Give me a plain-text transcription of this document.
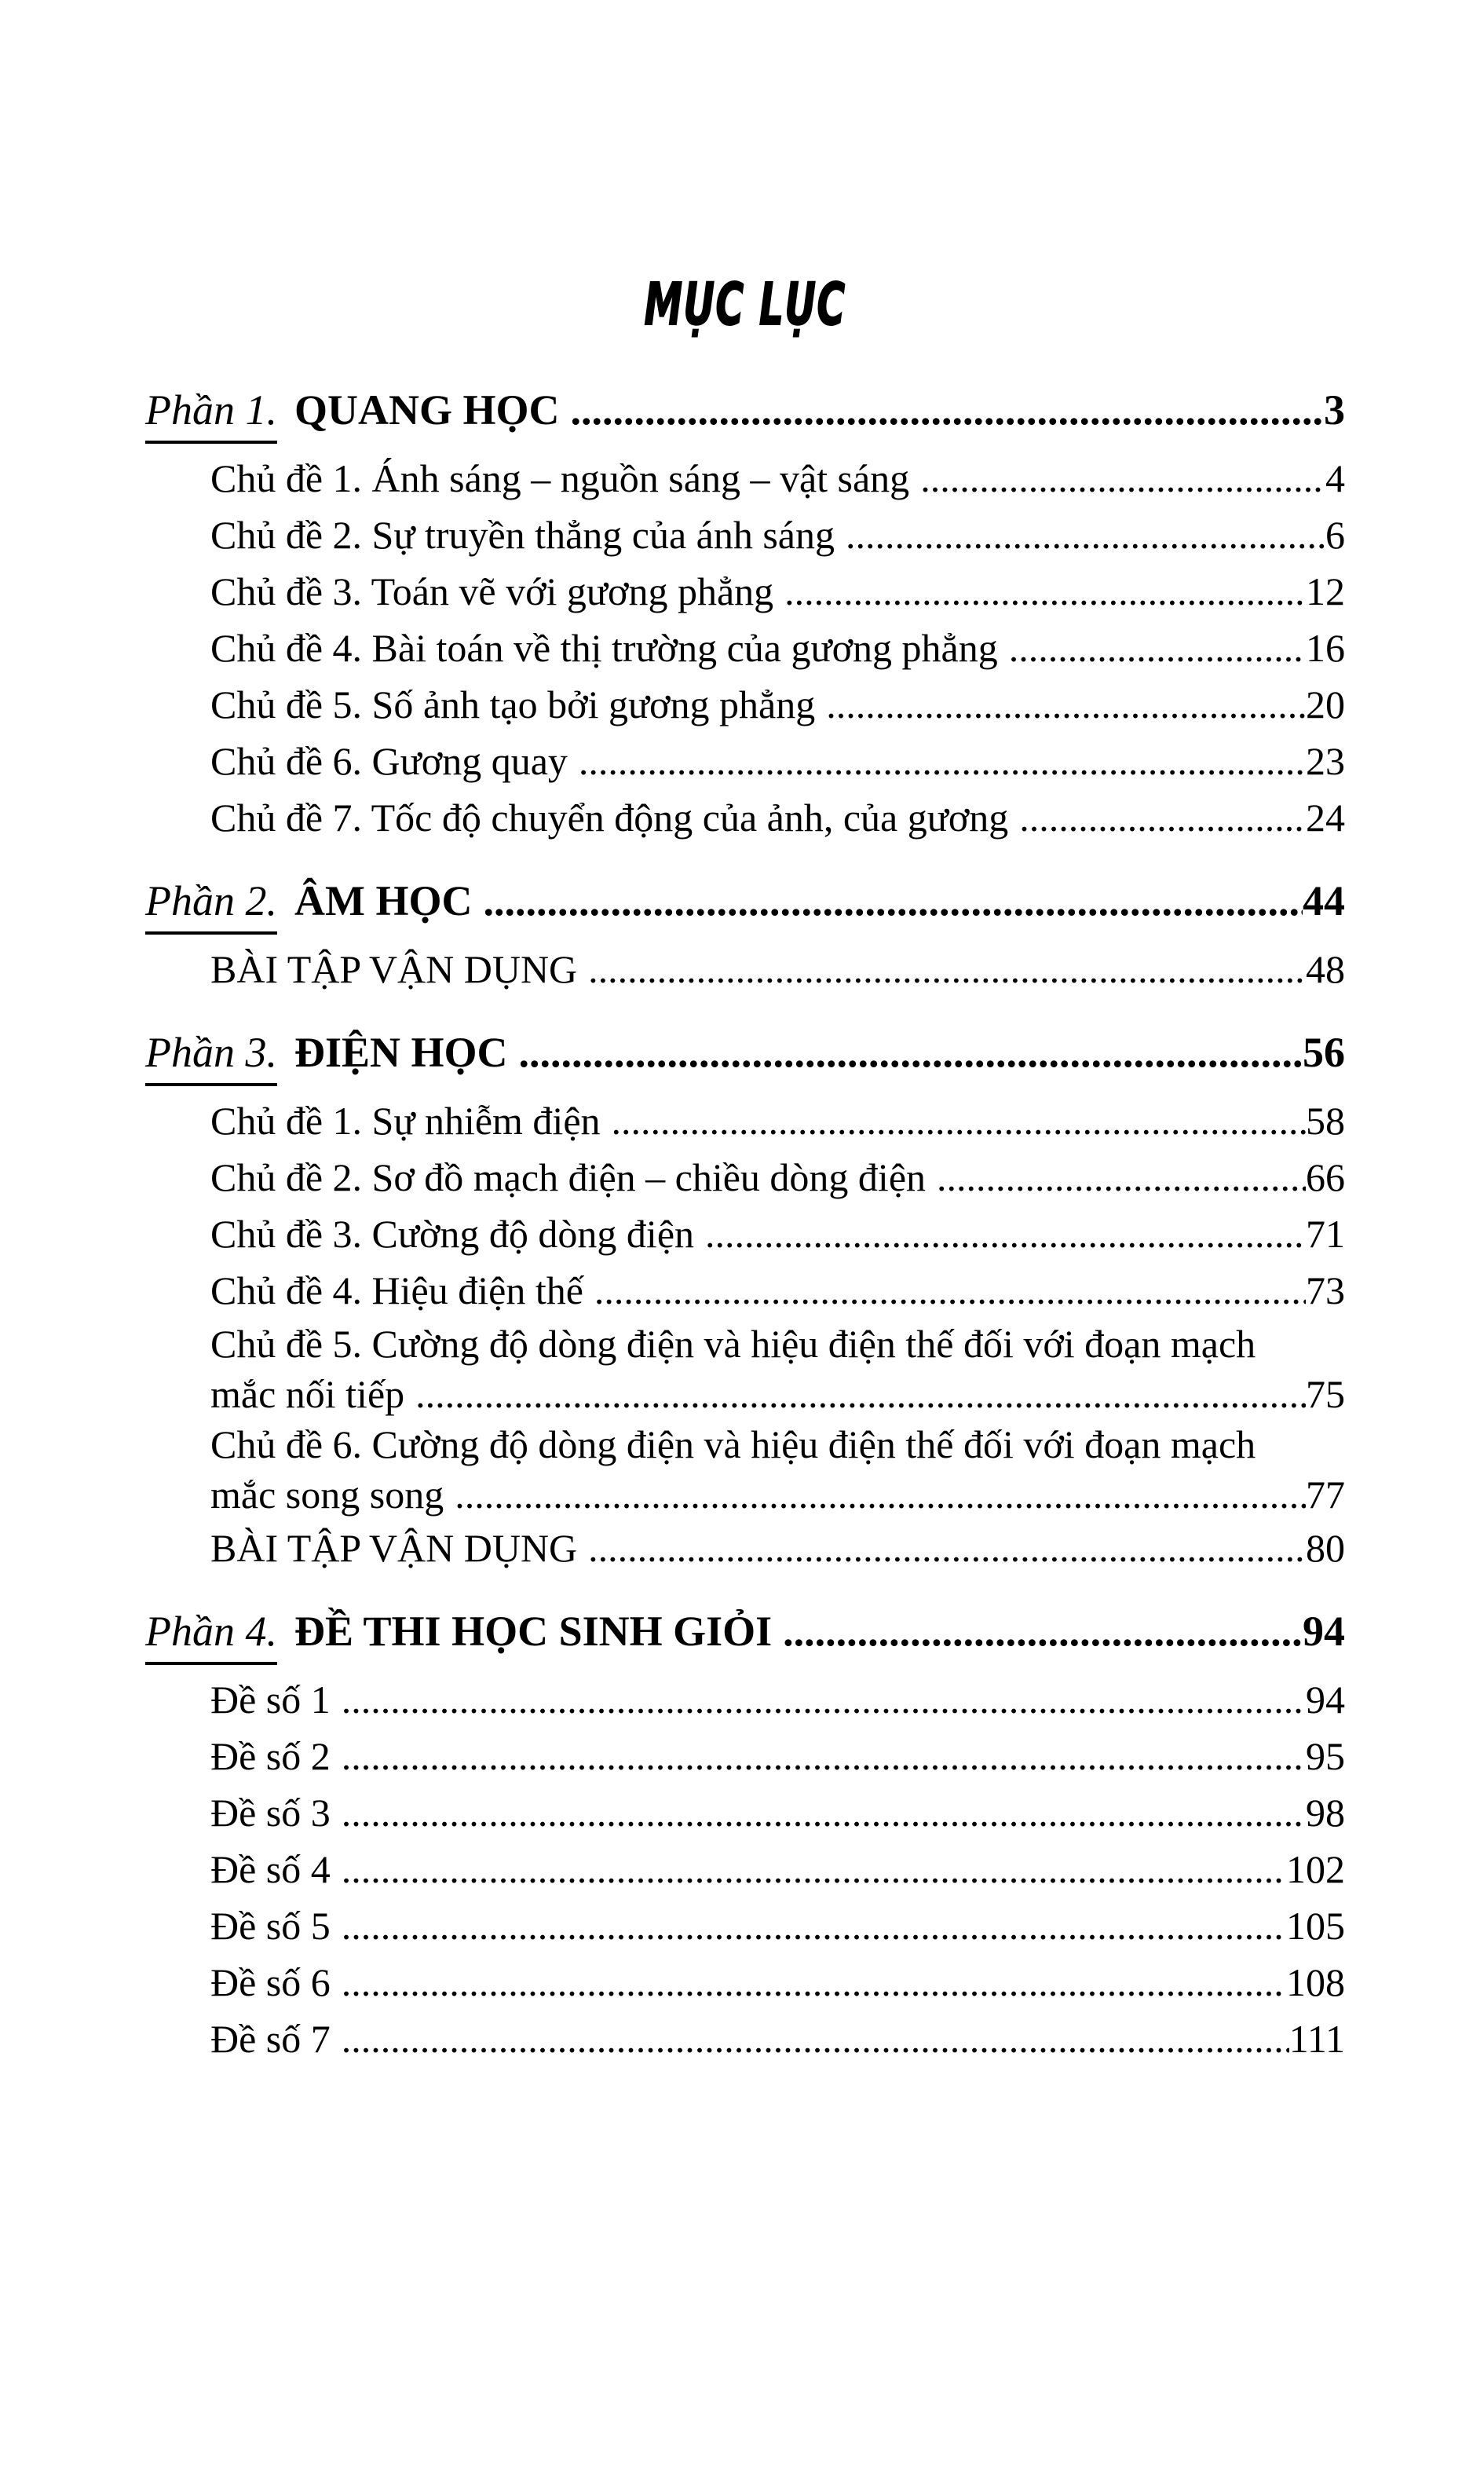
MỤC LỤC
Phần 1. QUANG HỌC .....	3
Chủ đề 1. Ánh sáng – nguồn sáng – vật sáng .....	4
Chủ đề 2. Sự truyền thẳng của ánh sáng .....	6
Chủ đề 3. Toán vẽ với gương phẳng .....	12
Chủ đề 4. Bài toán về thị trường của gương phẳng .....	16
Chủ đề 5. Số ảnh tạo bởi gương phẳng .....	20
Chủ đề 6. Gương quay .....	23
Chủ đề 7. Tốc độ chuyển động của ảnh, của gương .....	24
Phần 2. ÂM HỌC .....	44
BÀI TẬP VẬN DỤNG .....	48
Phần 3. ĐIỆN HỌC .....	56
Chủ đề 1. Sự nhiễm điện .....	58
Chủ đề 2. Sơ đồ mạch điện – chiều dòng điện .....	66
Chủ đề 3. Cường độ dòng điện .....	71
Chủ đề 4. Hiệu điện thế .....	73
Chủ đề 5. Cường độ dòng điện và hiệu điện thế đối với đoạn mạch
mắc nối tiếp .....	75
Chủ đề 6. Cường độ dòng điện và hiệu điện thế đối với đoạn mạch
mắc song song .....	77
BÀI TẬP VẬN DỤNG .....	80
Phần 4. ĐỀ THI HỌC SINH GIỎI .....	94
Đề số 1 .....	94
Đề số 2 .....	95
Đề số 3 .....	98
Đề số 4 .....	102
Đề số 5 .....	105
Đề số 6 .....	108
Đề số 7 .....	111
